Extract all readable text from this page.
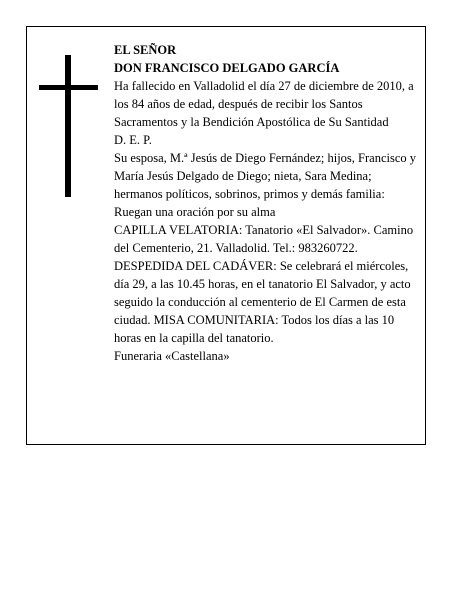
EL SEÑOR

DON FRANCISCO DELGADO GARCÍA

Ha fallecido en Valladolid el día 27 de diciembre de 2010, a los 84 años de edad, después de recibir los Santos Sacramentos y la Bendición Apostólica de Su Santidad

D. E. P.

Su esposa, M.ª Jesús de Diego Fernández; hijos, Francisco y María Jesús Delgado de Diego; nieta, Sara Medina; hermanos políticos, sobrinos, primos y demás familia:

Ruegan una oración por su alma

CAPILLA VELATORIA: Tanatorio «El Salvador». Camino del Cementerio, 21. Valladolid. Tel.: 983260722.

DESPEDIDA DEL CADÁVER: Se celebrará el miércoles, día 29, a las 10.45 horas, en el tanatorio El Salvador, y acto seguido la conducción al cementerio de El Carmen de esta ciudad. MISA COMUNITARIA: Todos los días a las 10 horas en la capilla del tanatorio.

Funeraria «Castellana»
